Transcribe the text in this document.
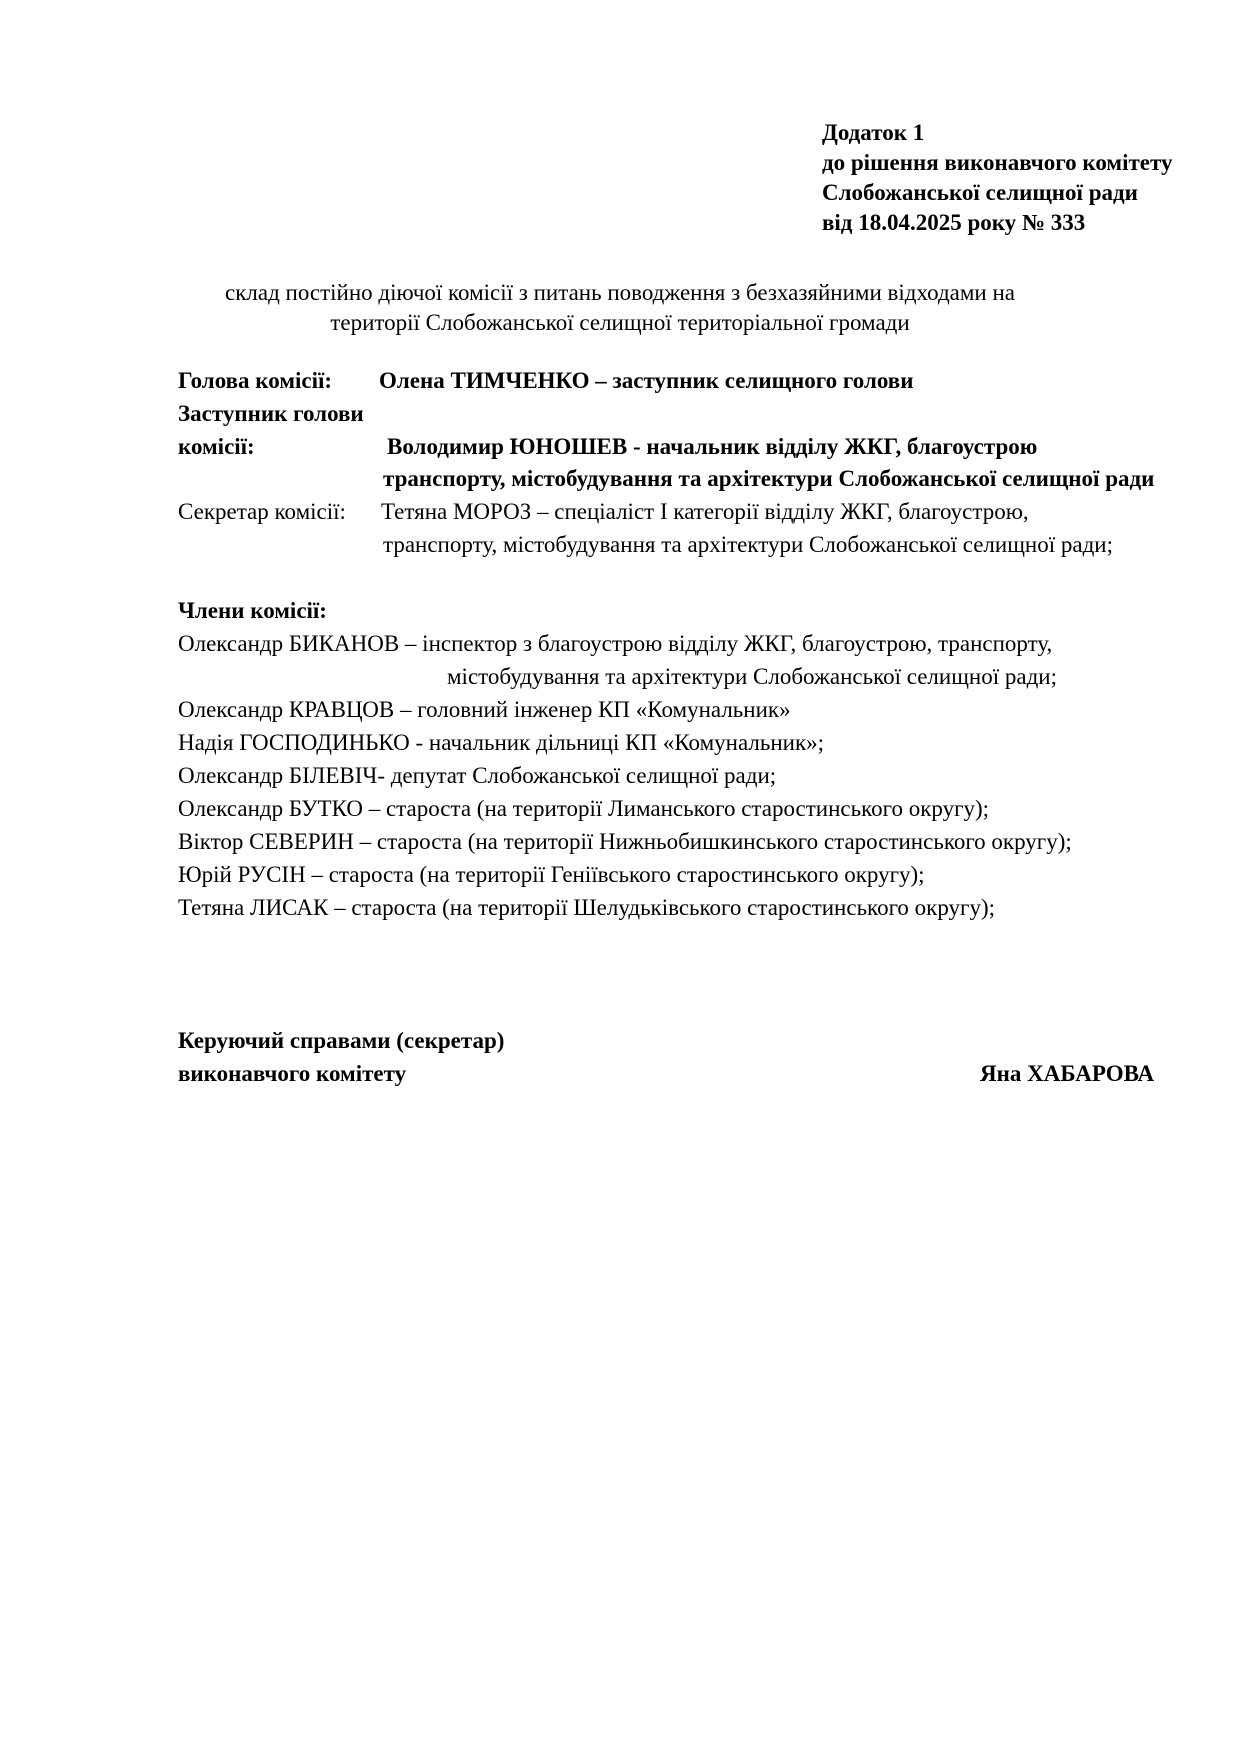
Додаток 1
до рішення виконавчого комітету
Слобожанської селищної ради
від 18.04.2025 року № 333
склад постійно діючої комісії з питань поводження з безхазяйними відходами на
території Слобожанської селищної територіальної громади
Голова комісії: Олена ТИМЧЕНКО – заступник селищного голови
Заступник голови
комісії:	Володимир ЮНОШЕВ - начальник відділу ЖКГ, благоустрою
транспорту, містобудування та архітектури Слобожанської селищної ради
Секретар комісії: Тетяна МОРОЗ – спеціаліст І категорії відділу ЖКГ, благоустрою,
транспорту, містобудування та архітектури Слобожанської селищної ради;
Члени комісії:
Олександр БИКАНОВ – інспектор з благоустрою відділу ЖКГ, благоустрою, транспорту,
містобудування та архітектури Слобожанської селищної ради;
Олександр КРАВЦОВ – головний інженер КП «Комунальник»
Надія ГОСПОДИНЬКО - начальник дільниці КП «Комунальник»;
Олександр БІЛЕВІЧ- депутат Слобожанської селищної ради;
Олександр БУТКО – староста (на території Лиманського старостинського округу);
Віктор СЕВЕРИН – староста (на території Нижньобишкинського старостинського округу);
Юрій РУСІН – староста (на території Геніївського старостинського округу);
Тетяна ЛИСАК – староста (на території Шелудьківського старостинського округу);
Керуючий справами (секретар)
виконавчого комітету	Яна ХАБАРОВА
